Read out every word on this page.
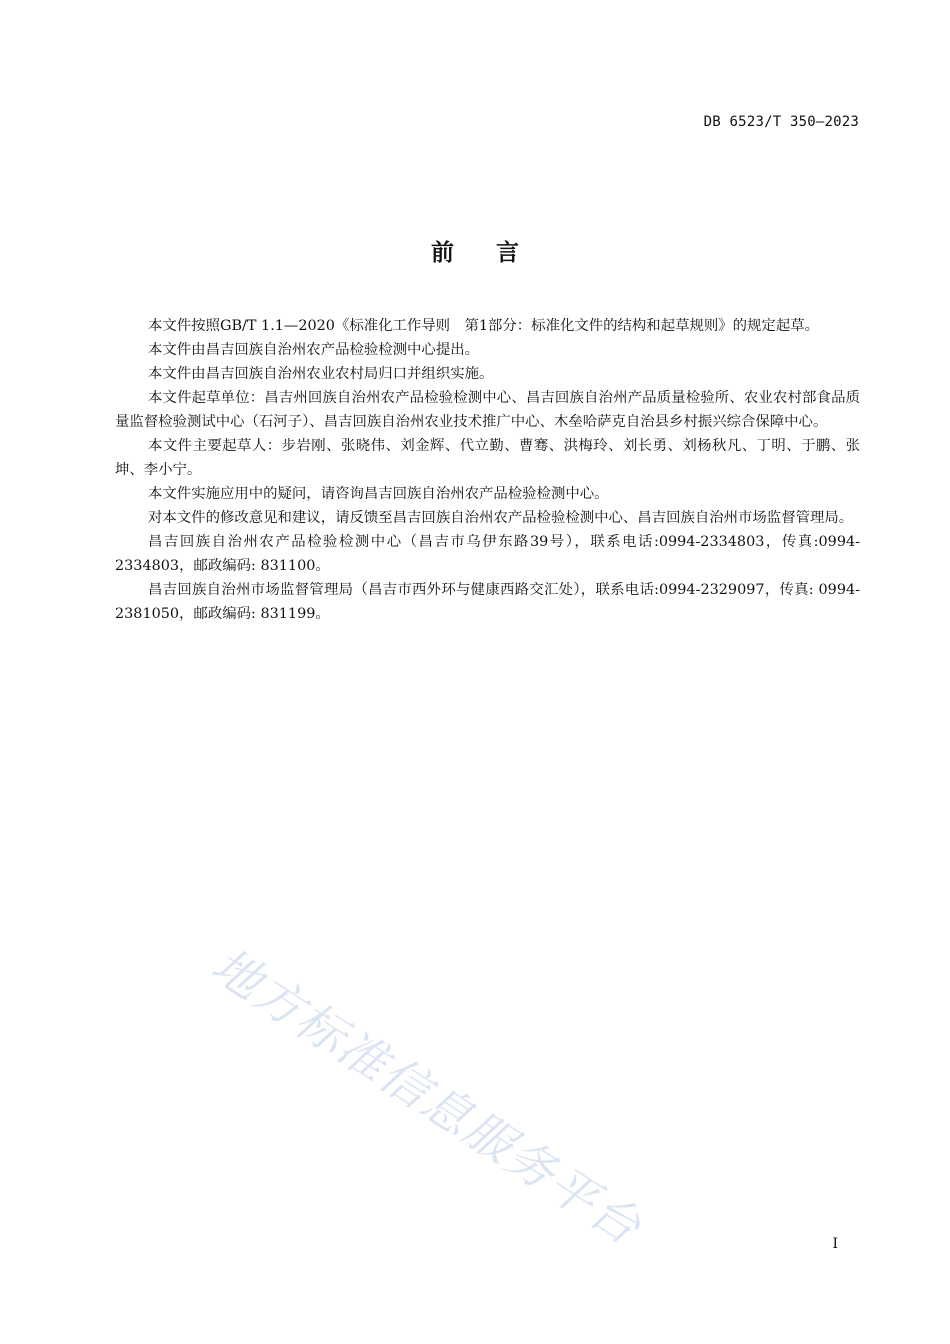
DB 6523/T 350—2023
前言

本文件按照GB/T 1.1—2020《标准化工作导则　第1部分：标准化文件的结构和起草规则》的规定起草。

本文件由昌吉回族自治州农产品检验检测中心提出。

本文件由昌吉回族自治州农业农村局归口并组织实施。

本文件起草单位：昌吉州回族自治州农产品检验检测中心、昌吉回族自治州产品质量检验所、农业农村部食品质量监督检验测试中心（石河子）、昌吉回族自治州农业技术推广中心、木垒哈萨克自治县乡村振兴综合保障中心。

本文件主要起草人：步岩刚、张晓伟、刘金辉、代立勤、曹骞、洪梅玲、刘长勇、刘杨秋凡、丁明、于鹏、张坤、李小宁。

本文件实施应用中的疑问，请咨询昌吉回族自治州农产品检验检测中心。

对本文件的修改意见和建议，请反馈至昌吉回族自治州农产品检验检测中心、昌吉回族自治州市场监督管理局。

昌吉回族自治州农产品检验检测中心（昌吉市乌伊东路39号），联系电话:0994-2334803，传真:0994-2334803，邮政编码: 831100。

昌吉回族自治州市场监督管理局（昌吉市西外环与健康西路交汇处），联系电话:0994-2329097，传真: 0994-2381050，邮政编码: 831199。

地方标准信息服务平台	I
